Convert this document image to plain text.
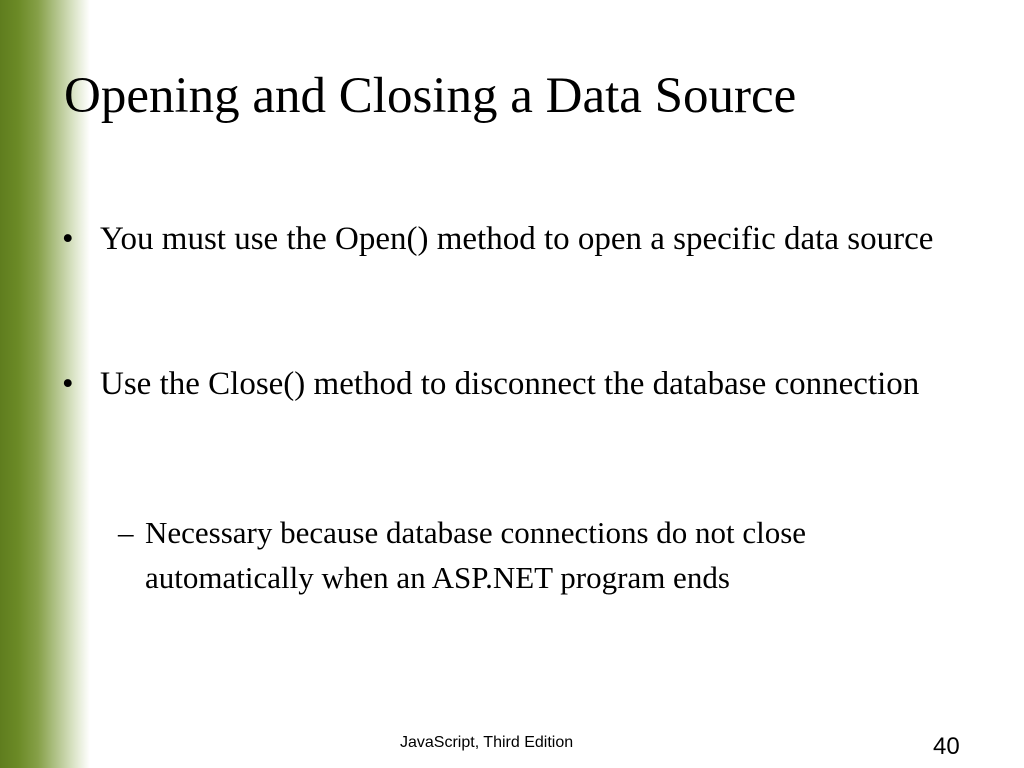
Opening and Closing a Data Source
• You must use the Open() method to open a specific data source
• Use the Close() method to disconnect the database connection
– Necessary because database connections do not close automatically when an ASP.NET program ends
JavaScript, Third Edition	40
